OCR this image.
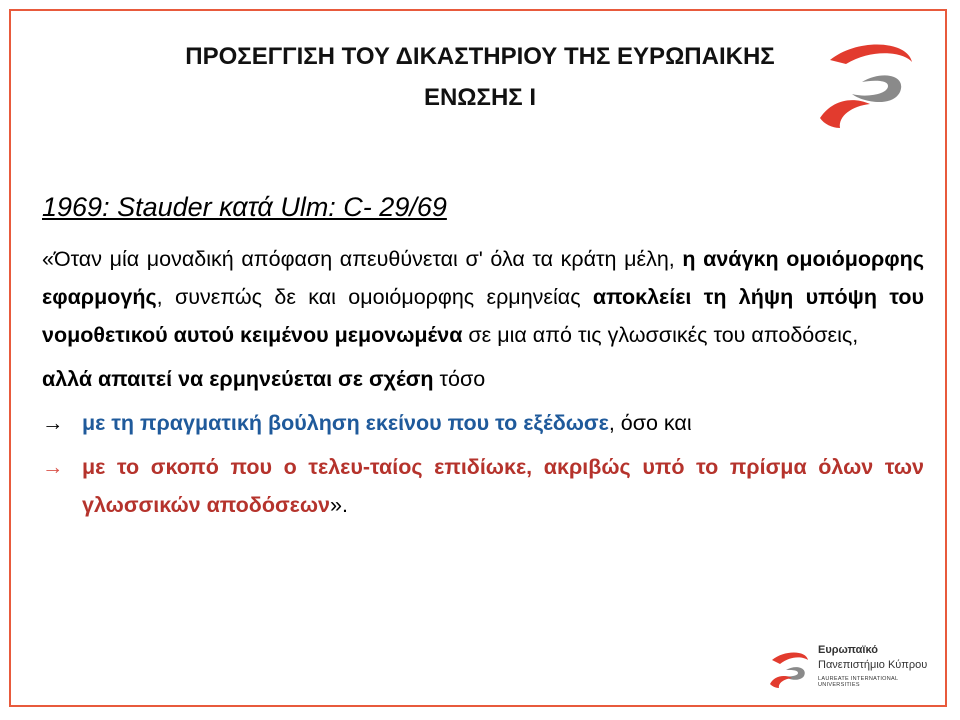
ΠΡΟΣΕΓΓΙΣΗ ΤΟΥ ΔΙΚΑΣΤΗΡΙΟΥ ΤΗΣ ΕΥΡΩΠΑΙΚΗΣ
ΕΝΩΣΗΣ Ι
1969: Stauder κατά Ulm: C- 29/69

«Όταν μία μοναδική απόφαση απευθύνεται σ' όλα τα κράτη μέλη, η ανάγκη ομοιόμορφης εφαρμογής, συνεπώς δε και ομοιόμορφης ερμηνείας αποκλείει τη λήψη υπόψη του νομοθετικού αυτού κειμένου μεμονωμένα σε μια από τις γλωσσικές του αποδόσεις,

αλλά απαιτεί να ερμηνεύεται σε σχέση τόσο

→ με τη πραγματική βούληση εκείνου που το εξέδωσε, όσο και

→ με το σκοπό που ο τελευ-ταίος επιδίωκε, ακριβώς υπό το πρίσμα όλων των γλωσσικών αποδόσεων».

Ευρωπαϊκό
Πανεπιστήμιο Κύπρου
LAUREATE INTERNATIONAL UNIVERSITIES
